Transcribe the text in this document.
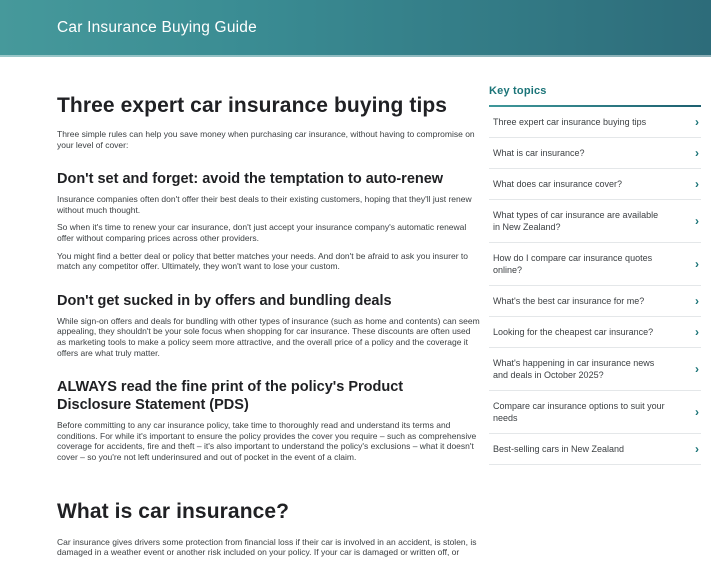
Car Insurance Buying Guide
Three expert car insurance buying tips

Three simple rules can help you save money when purchasing car insurance, without having to compromise on your level of cover:

Don't set and forget: avoid the temptation to auto-renew

Insurance companies often don't offer their best deals to their existing customers, hoping that they'll just renew without much thought.

So when it's time to renew your car insurance, don't just accept your insurance company's automatic renewal offer without comparing prices across other providers.

You might find a better deal or policy that better matches your needs. And don't be afraid to ask you insurer to match any competitor offer. Ultimately, they won't want to lose your custom.

Don't get sucked in by offers and bundling deals

While sign-on offers and deals for bundling with other types of insurance (such as home and contents) can seem appealing, they shouldn't be your sole focus when shopping for car insurance. These discounts are often used as marketing tools to make a policy seem more attractive, and the overall price of a policy and the coverage it offers are what truly matter.

ALWAYS read the fine print of the policy's Product Disclosure Statement (PDS)

Before committing to any car insurance policy, take time to thoroughly read and understand its terms and conditions. For while it's important to ensure the policy provides the cover you require – such as comprehensive coverage for accidents, fire and theft – it's also important to understand the policy's exclusions – what it doesn't cover – so you're not left underinsured and out of pocket in the event of a claim.

What is car insurance?

Car insurance gives drivers some protection from financial loss if their car is involved in an accident, is stolen, is damaged in a weather event or another risk included on your policy. If your car is damaged or written off, or

Key topics
Three expert car insurance buying tips	›
What is car insurance?	›
What does car insurance cover?	›
What types of car insurance are available in New Zealand?	›
How do I compare car insurance quotes online?	›
What's the best car insurance for me?	›
Looking for the cheapest car insurance?	›
What's happening in car insurance news and deals in October 2025?	›
Compare car insurance options to suit your needs	›
Best-selling cars in New Zealand	›
